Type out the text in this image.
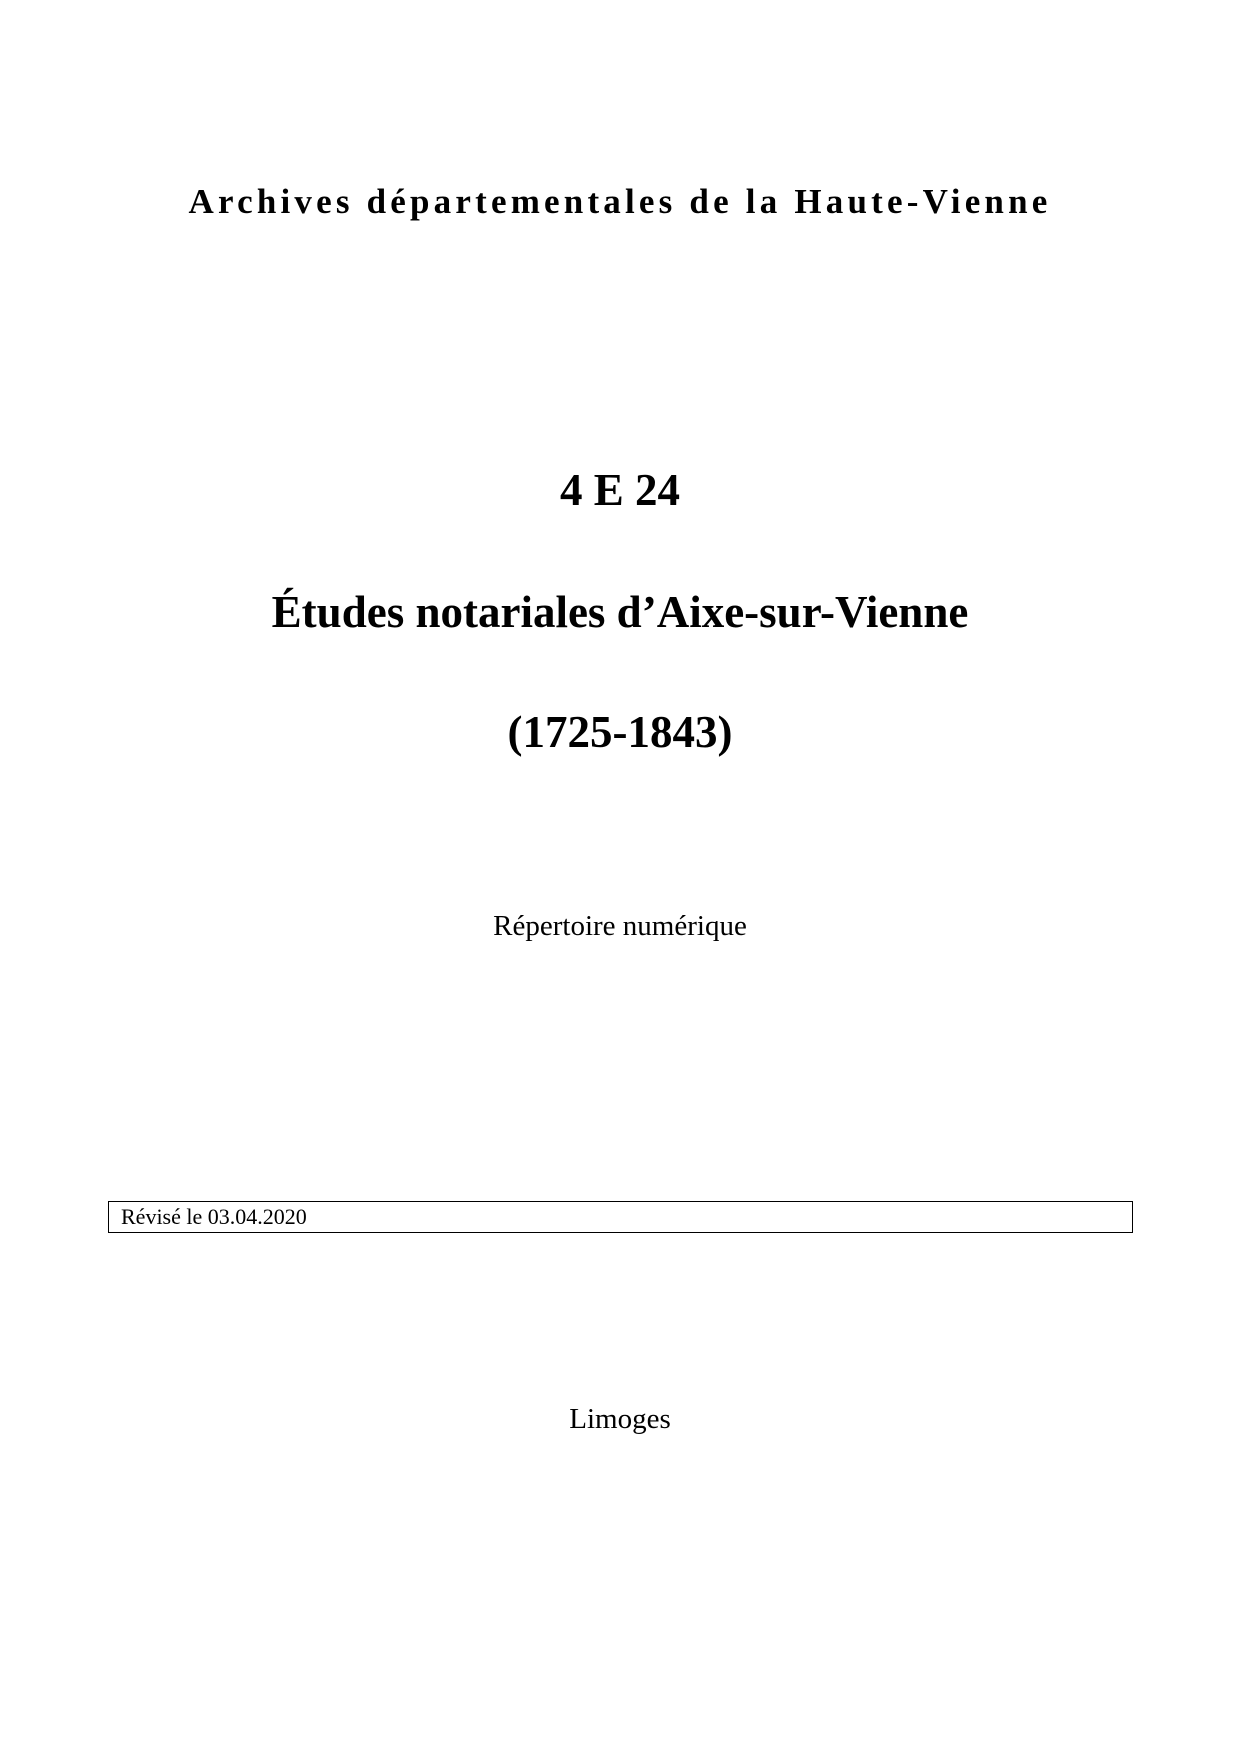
Archives départementales de la Haute-Vienne
4 E 24
Études notariales d’Aixe-sur-Vienne
(1725-1843)
Répertoire numérique
Révisé le 03.04.2020
Limoges
